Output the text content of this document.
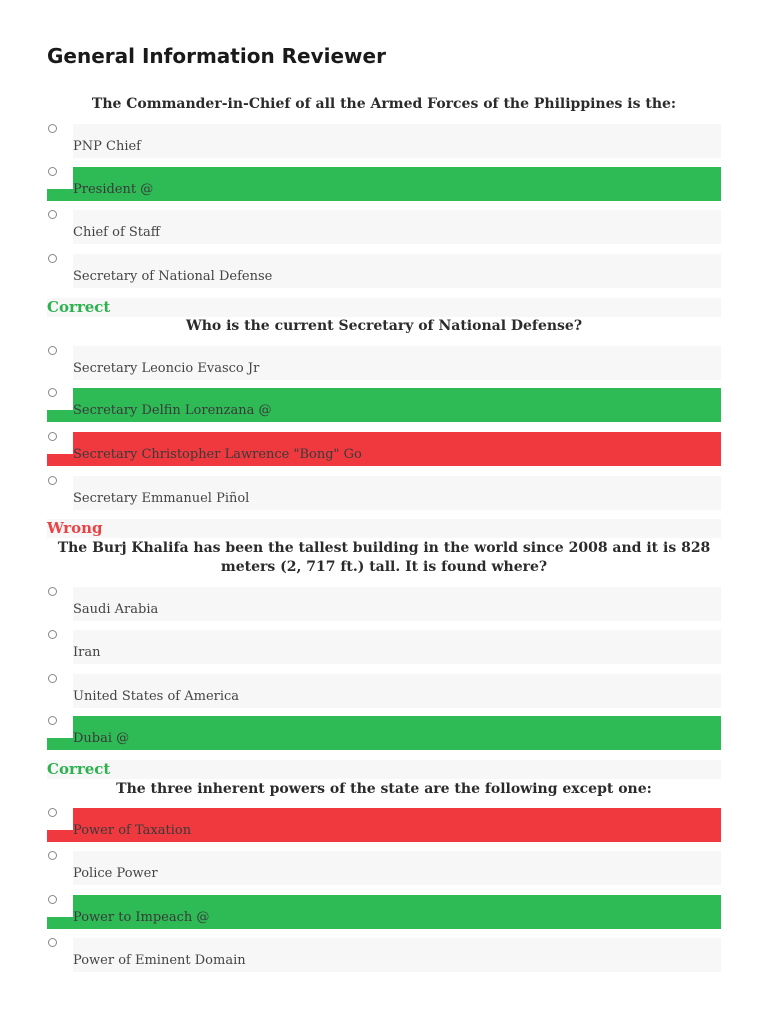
General Information Reviewer
The Commander-in-Chief of all the Armed Forces of the Philippines is the:
PNP Chief
President @
Chief of Staff
Secretary of National Defense
Correct
Who is the current Secretary of National Defense?
Secretary Leoncio Evasco Jr
Secretary Delfin Lorenzana @
Secretary Christopher Lawrence "Bong" Go
Secretary Emmanuel Piñol
Wrong
The Burj Khalifa has been the tallest building in the world since 2008 and it is 828 meters (2, 717 ft.) tall. It is found where?
Saudi Arabia
Iran
United States of America
Dubai @
Correct
The three inherent powers of the state are the following except one:
Power of Taxation
Police Power
Power to Impeach @
Power of Eminent Domain
